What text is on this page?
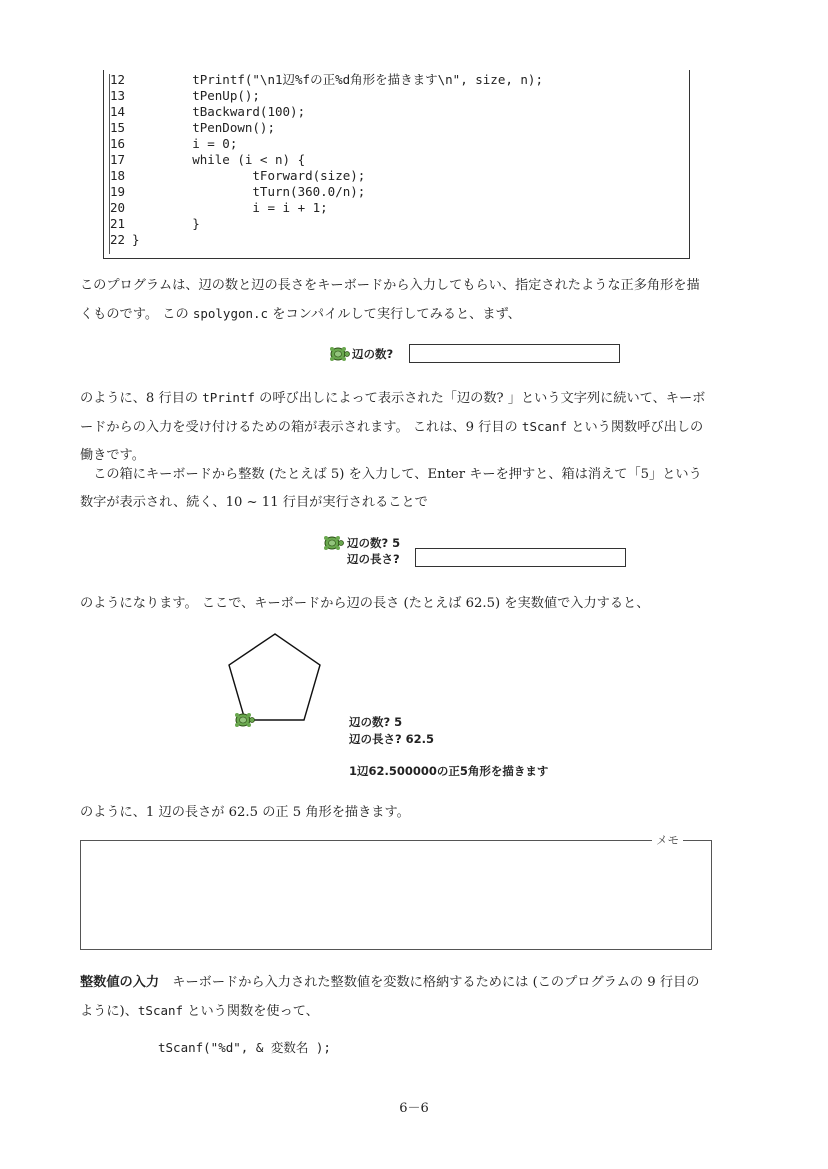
12        tPrintf("\n1辺%fの正%d角形を描きます\n", size, n);
13        tPenUp();
14        tBackward(100);
15        tPenDown();
16        i = 0;
17        while (i < n) {
18                tForward(size);
19                tTurn(360.0/n);
20                i = i + 1;
21        }
22 }
このプログラムは、辺の数と辺の長さをキーボードから入力してもらい、指定されたような正多角形を描くものです。 この spolygon.c をコンパイルして実行してみると、まず、
辺の数?
のように、8 行目の tPrintf の呼び出しによって表示された「辺の数? 」という文字列に続いて、キーボードからの入力を受け付けるための箱が表示されます。 これは、9 行目の tScanf という関数呼び出しの働きです。
この箱にキーボードから整数 (たとえば 5) を入力して、Enter キーを押すと、箱は消えて「5」という数字が表示され、続く、10 ~ 11 行目が実行されることで
辺の数? 5
辺の長さ?
のようになります。 ここで、キーボードから辺の長さ (たとえば 62.5) を実数値で入力すると、
辺の数? 5
辺の長さ? 62.5
1辺62.500000の正5角形を描きます
のように、1 辺の長さが 62.5 の正 5 角形を描きます。
メモ
整数値の入力　キーボードから入力された整数値を変数に格納するためには (このプログラムの 9 行目のように)、tScanf という関数を使って、
tScanf("%d", & 変数名 );
6－6
